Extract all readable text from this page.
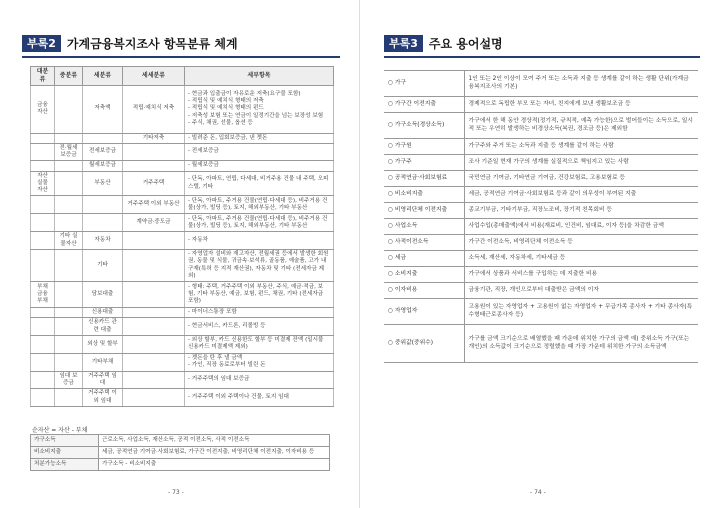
부록2 가계금융복지조사 항목분류 체계
대분류	중분류	세분류	세세분류	세부항목
금융 자산		저축액	적립·예치식 저축	- 현금과 입출금이 자유로운 저축(요구불 포함)
- 적립식 및 예치식 형태의 저축
- 적립식 및 예치식 형태의 펀드
- 저축성 보험 또는 연금이 일정기간을 넘는 보장성 보험
- 주식, 채권, 선물, 옵션 등
			기타저축	- 빌려준 돈, 입회보증금, 낸 곗돈
	전·월세 보증금	전세보증금		- 전세보증금
		월세보증금		- 월세보증금
자산 실물 자산		부동산	거주주택	- 단독, 아파트, 연립, 다세대, 비거주용 건물 내 주택, 오피스텔, 기타
			거주주택 이외 부동산	- 단독, 아파트, 주거용 건물(연립·다세대 등), 비주거용 건물(상가, 빌딩 등), 토지, 해외부동산, 기타 부동산
			계약금·중도금	- 단독, 아파트, 주거용 건물(연립·다세대 등), 비주거용 건물(상가, 빌딩 등), 토지, 해외부동산, 기타 부동산
	기타 실물자산	자동차		- 자동차
		기타		- 자영업자 설비와 재고자산, 전월세권 등에서 발생한 회원권, 동물 및 식물, 귀금속·보석류, 골동품, 예술품, 고가 내구재(특허 등 지적 재산권), 자동차 및 기타 (전세자금 제외)
부채 금융 부채		담보대출		- 형태: 주택, 거주주택 이외 부동산, 주식, 예금·적금, 보험, 기타 부동산, 예금, 보험, 펀드, 채권, 기타 (전세자금 포함)
		신용대출		- 마이너스통장 포함
		신용카드 관련 대출		- 현금서비스, 카드론, 리볼빙 등
		외상 및 할부		- 외상 할부, 카드 신용한도 할부 등 미결제 잔액 (일시불 신용카드 미결제액 제외)
		기타부채		- 곗돈을 탄 후 낼 금액
- 가인, 직장 동료로부터 빌린 돈
	임대 보증금	거주주택 임대		- 거주주택의 임대 보증금
		거주주택 이외 임대		- 거주주택 이외 주택이나 건물, 토지 임대
순자산 = 자산 - 부채
가구소득	근로소득, 사업소득, 재산소득, 공적 이전소득, 사적 이전소득
비소비지출	세금, 공적연금 기여금·사회보험료, 가구간 이전지출, 비영리단체 이전지출, 이자비용 등
처분가능소득	가구소득 - 비소비지출
- 73 -
부록3 주요 용어설명
○ 가구	1인 또는 2인 이상이 모여 주거 또는 소득과 지출 등 생계를 같이 하는 생활 단위(가계금융복지조사의 기본)
○ 가구간 이전지출	경제적으로 독립한 부모 또는 자녀, 친지에게 보낸 생활보조금 등
○ 가구소득(경상소득)	가구에서 한 해 동안 경상적(정기적, 규칙적, 예측 가능한)으로 벌어들이는 소득으로, 일시적 또는 우연히 발생하는 비경상소득(복권, 경조금 등)은 제외함
○ 가구원	가구주와 주거 또는 소득과 지출 등 생계를 같이 하는 사람
○ 가구주	조사 기준일 현재 가구의 생계를 실질적으로 책임지고 있는 사람
○ 공적연금·사회보험료	국민연금 기여금, 기타연금 기여금, 건강보험료, 고용보험료 등
○ 비소비지출	세금, 공적연금 기여금·사회보험료 등과 같이 의무성이 부여된 지출
○ 비영리단체 이전지출	종교기부금, 기타기부금, 직장노조비, 장기적 친목회비 등
○ 사업소득	사업수입(총매출액)에서 비용(재료비, 인건비, 임대료, 이자 등)을 차감한 금액
○ 사적이전소득	가구간 이전소득, 비영리단체 이전소득 등
○ 세금	소득세, 재산세, 자동차세, 기타세금 등
○ 소비지출	가구에서 상품과 서비스를 구입하는 데 지출한 비용
○ 이자비용	금융기관, 직장, 개인으로부터 대출받은 금액의 이자
○ 자영업자	고용원이 있는 자영업자 + 고용원이 없는 자영업자 + 무급가족 종사자 + 기타 종사자(특수형태근로종사자 등)
○ 중위값(중위수)	가구를 금액 크기순으로 배열했을 때 가운데 위치한 가구의 금액 예) 중위소득 가구(또는 개인)의 소득값이 크기순으로 정렬했을 때 가장 가운데 위치한 가구의 소득금액
- 74 -
